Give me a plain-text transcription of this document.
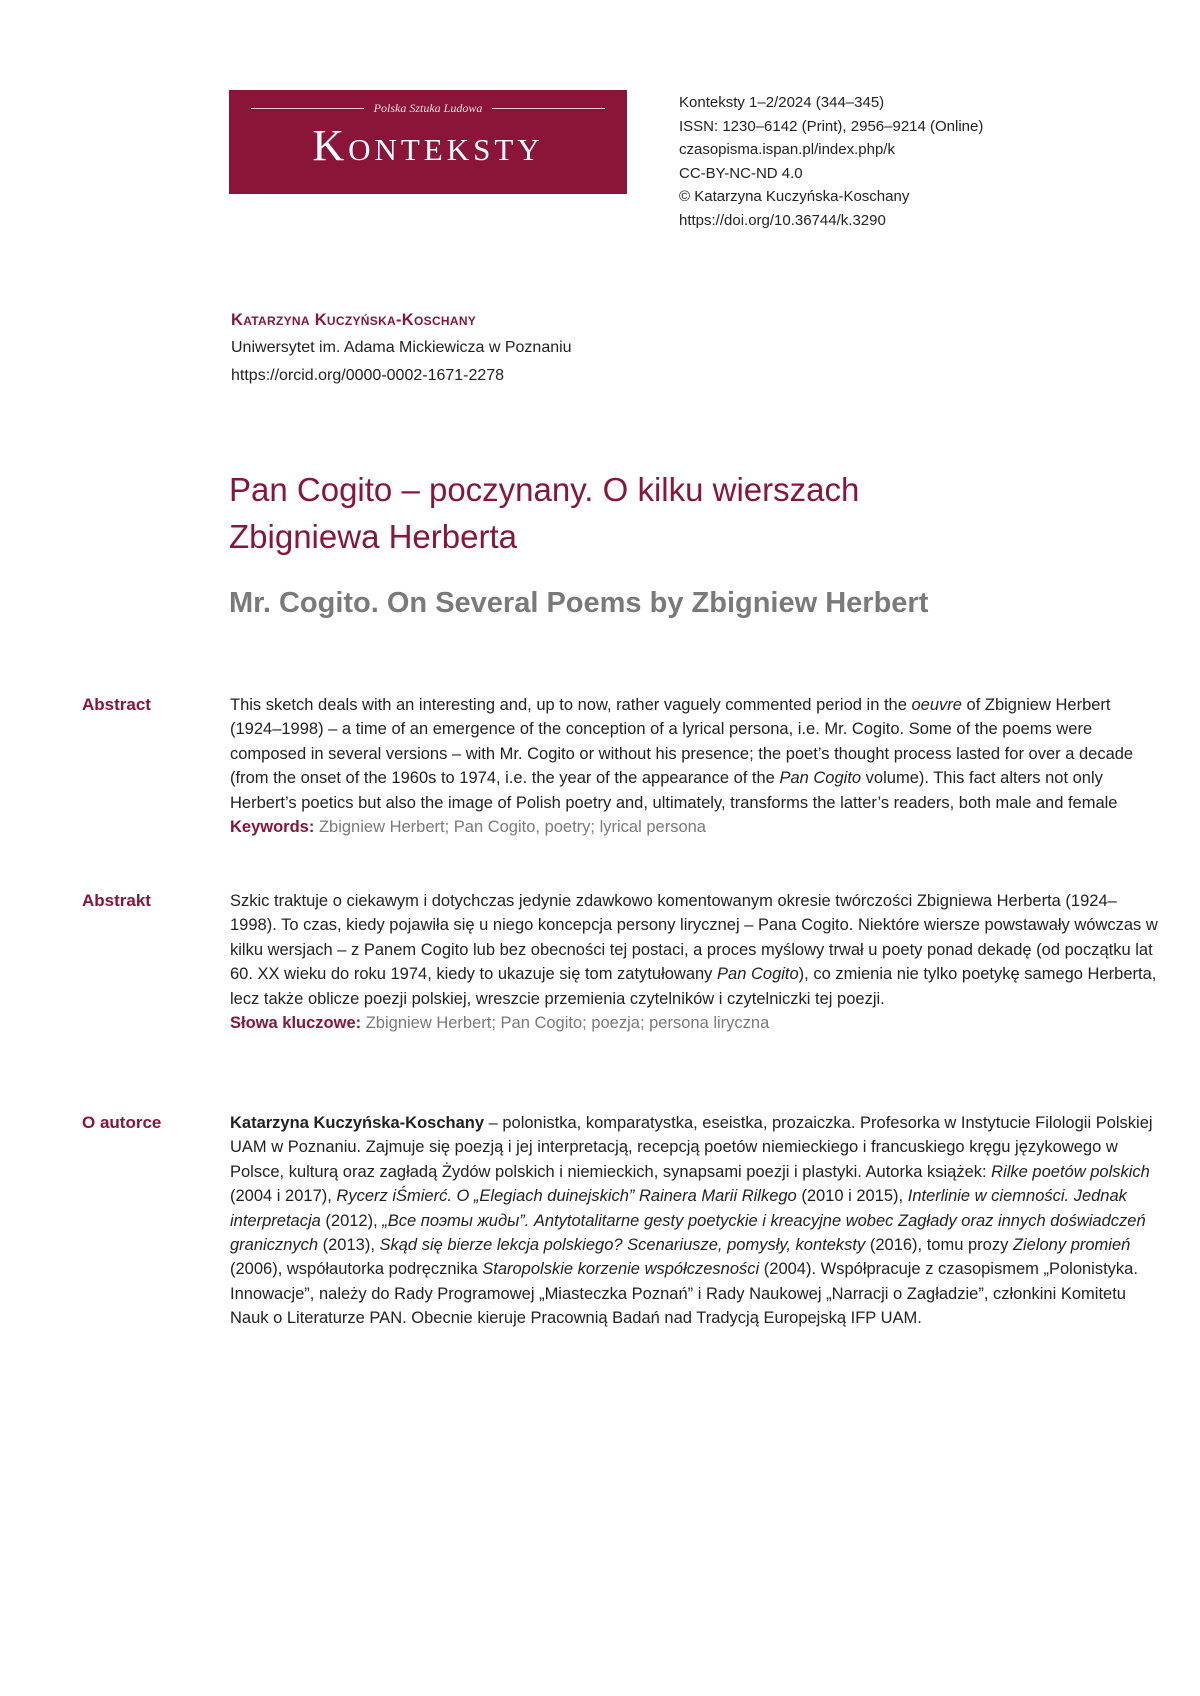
Polska Sztuka Ludowa
Konteksty
Konteksty 1–2/2024 (344–345)
ISSN: 1230–6142 (Print), 2956–9214 (Online)
czasopisma.ispan.pl/index.php/k
CC-BY-NC-ND 4.0
© Katarzyna Kuczyńska-Koschany
https://doi.org/10.36744/k.3290
Katarzyna Kuczyńska-Koschany
Uniwersytet im. Adama Mickiewicza w Poznaniu
https://orcid.org/0000-0002-1671-2278
Pan Cogito – poczynany. O kilku wierszach
Zbigniewa Herberta
Mr. Cogito. On Several Poems by Zbigniew Herbert
Abstract	This sketch deals with an interesting and, up to now, rather vaguely commented period in the oeuvre of Zbigniew Herbert (1924–1998) – a time of an emergence of the conception of a lyrical persona, i.e. Mr. Cogito. Some of the poems were composed in several versions – with Mr. Cogito or without his presence; the poet’s thought process lasted for over a decade (from the onset of the 1960s to 1974, i.e. the year of the appearance of the Pan Cogito volume). This fact alters not only Herbert’s poetics but also the image of Polish poetry and, ultimately, transforms the latter’s readers, both male and female
Keywords: Zbigniew Herbert; Pan Cogito, poetry; lyrical persona
Abstrakt	Szkic traktuje o ciekawym i dotychczas jedynie zdawkowo komentowanym okresie twórczości Zbigniewa Herberta (1924–1998). To czas, kiedy pojawiła się u niego koncepcja persony lirycznej – Pana Cogito. Niektóre wiersze powstawały wówczas w kilku wersjach – z Panem Cogito lub bez obecności tej postaci, a proces myślowy trwał u poety ponad dekadę (od początku lat 60. XX wieku do roku 1974, kiedy to ukazuje się tom zatytułowany Pan Cogito), co zmienia nie tylko poetykę samego Herberta, lecz także oblicze poezji polskiej, wreszcie przemienia czytelników i czytelniczki tej poezji.
Słowa kluczowe: Zbigniew Herbert; Pan Cogito; poezja; persona liryczna
O autorce	Katarzyna Kuczyńska-Koschany – polonistka, komparatystka, eseistka, prozaiczka. Profesorka w Instytucie Filologii Polskiej UAM w Poznaniu. Zajmuje się poezją i jej interpretacją, recepcją poetów niemieckiego i francuskiego kręgu językowego w Polsce, kulturą oraz zagładą Żydów polskich i niemieckich, synapsami poezji i plastyki. Autorka książek: Rilke poetów polskich (2004 i 2017), Rycerz iŚmierć. O „Elegiach duinejskich” Rainera Marii Rilkego (2010 i 2015), Interlinie w ciemności. Jednak interpretacja (2012), „Все поэты жиды”. Antytotalitarne gesty poetyckie i kreacyjne wobec Zagłady oraz innych doświadczeń granicznych (2013), Skąd się bierze lekcja polskiego? Scenariusze, pomysły, konteksty (2016), tomu prozy Zielony promień (2006), współautorka podręcznika Staropolskie korzenie współczesności (2004). Współpracuje z czasopismem „Polonistyka. Innowacje”, należy do Rady Programowej „Miasteczka Poznań” i Rady Naukowej „Narracji o Zagładzie”, członkini Komitetu Nauk o Literaturze PAN. Obecnie kieruje Pracownią Badań nad Tradycją Europejską IFP UAM.
